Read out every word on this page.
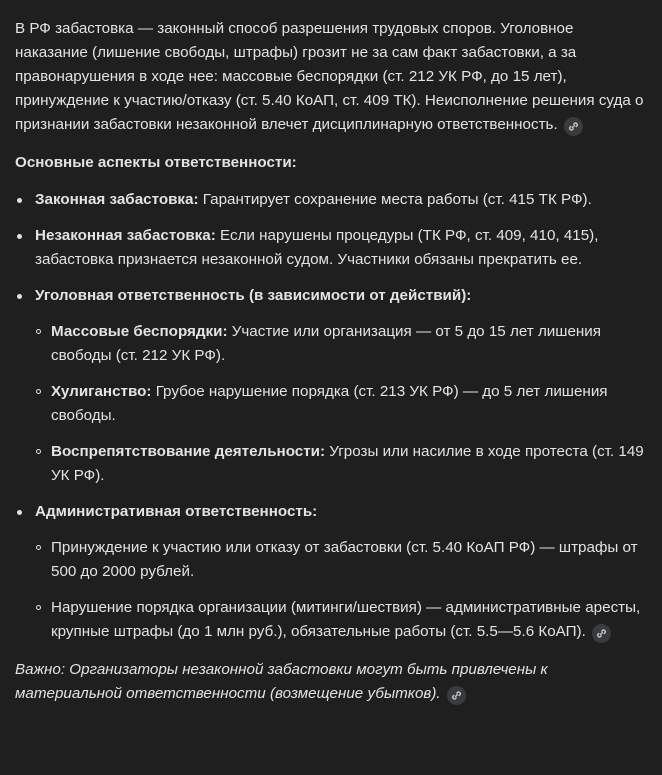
В РФ забастовка — законный способ разрешения трудовых споров. Уголовное наказание (лишение свободы, штрафы) грозит не за сам факт забастовки, а за правонарушения в ходе нее: массовые беспорядки (ст. 212 УК РФ, до 15 лет), принуждение к участию/отказу (ст. 5.40 КоАП, ст. 409 ТК). Неисполнение решения суда о признании забастовки незаконной влечет дисциплинарную ответственность.

Основные аспекты ответственности:

Законная забастовка: Гарантирует сохранение места работы (ст. 415 ТК РФ).
Незаконная забастовка: Если нарушены процедуры (ТК РФ, ст. 409, 410, 415), забастовка признается незаконной судом. Участники обязаны прекратить ее.
Уголовная ответственность (в зависимости от действий):
Массовые беспорядки: Участие или организация — от 5 до 15 лет лишения свободы (ст. 212 УК РФ).
Хулиганство: Грубое нарушение порядка (ст. 213 УК РФ) — до 5 лет лишения свободы.
Воспрепятствование деятельности: Угрозы или насилие в ходе протеста (ст. 149 УК РФ).
Административная ответственность:
Принуждение к участию или отказу от забастовки (ст. 5.40 КоАП РФ) — штрафы от 500 до 2000 рублей.
Нарушение порядка организации (митинги/шествия) — административные аресты, крупные штрафы (до 1 млн руб.), обязательные работы (ст. 5.5—5.6 КоАП).

Важно: Организаторы незаконной забастовки могут быть привлечены к материальной ответственности (возмещение убытков).
